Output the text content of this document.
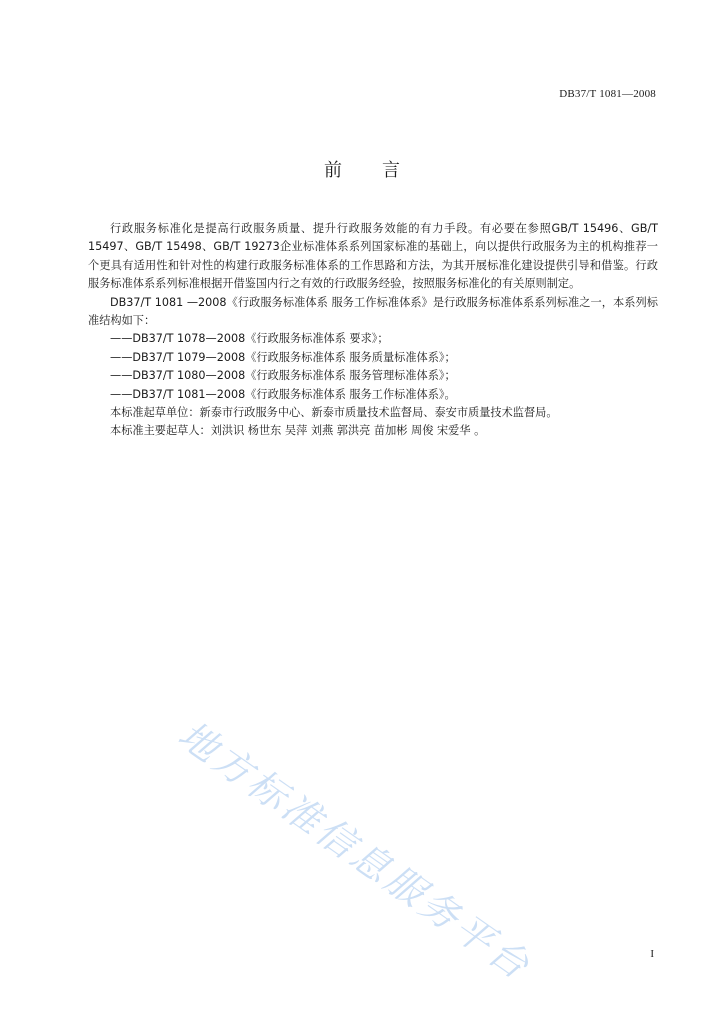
DB37/T 1081—2008
前言

行政服务标准化是提高行政服务质量、提升行政服务效能的有力手段。有必要在参照GB/T 15496、GB/T 15497、GB/T 15498、GB/T 19273企业标准体系系列国家标准的基础上，向以提供行政服务为主的机构推荐一个更具有适用性和针对性的构建行政服务标准体系的工作思路和方法，为其开展标准化建设提供引导和借鉴。行政服务标准体系系列标准根据开借鉴国内行之有效的行政服务经验，按照服务标准化的有关原则制定。

DB37/T 1081 —2008《行政服务标准体系 服务工作标准体系》是行政服务标准体系系列标准之一，本系列标准结构如下：

——DB37/T 1078—2008《行政服务标准体系 要求》；

——DB37/T 1079—2008《行政服务标准体系 服务质量标准体系》；

——DB37/T 1080—2008《行政服务标准体系 服务管理标准体系》；

——DB37/T 1081—2008《行政服务标准体系 服务工作标准体系》。

本标准起草单位：新泰市行政服务中心、新泰市质量技术监督局、泰安市质量技术监督局。

本标准主要起草人：刘洪识 杨世东 吴萍 刘燕 郭洪亮 苗加彬 周俊 宋爱华 。

地方标准信息服务平台	I
